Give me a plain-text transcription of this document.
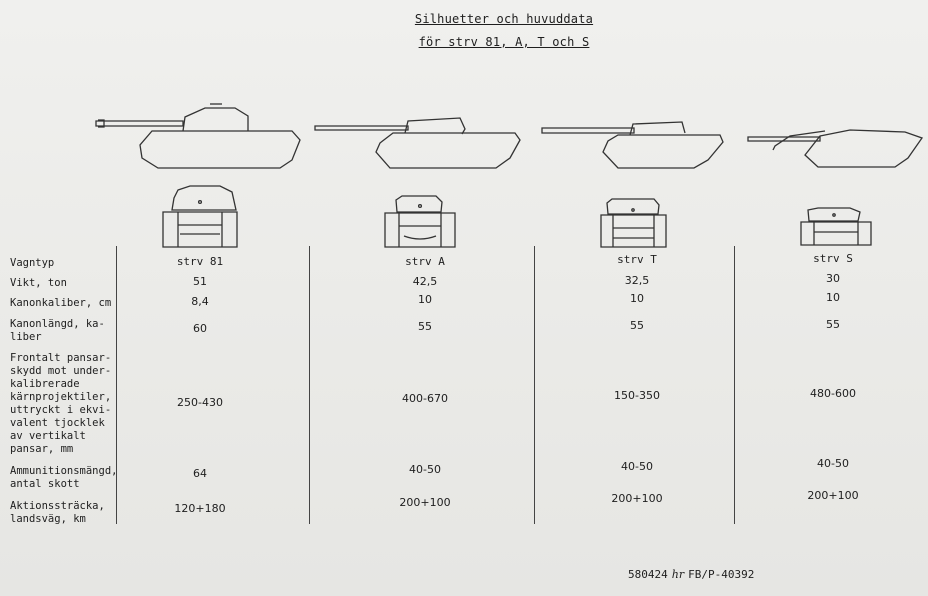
Silhuetter och huvuddata
för strv 81, A, T och S
Vagntyp
Vikt, ton
Kanonkaliber, cm
Kanonlängd, ka-
liber
Frontalt pansar-
skydd mot under-
kalibrerade
kärnprojektiler,
uttryckt i ekvi-
valent tjocklek
av vertikalt
pansar, mm
Ammunitionsmängd,
antal skott
Aktionssträcka,
landsväg, km
strv 81
51
8,4
60
250-430
64
120+180
strv A
42,5
10
55
400-670
40-50
200+100
strv T
32,5
10
55
150-350
40-50
200+100
strv S
30
10
55
480-600
40-50
200+100
580424 hr FB/P-40392
